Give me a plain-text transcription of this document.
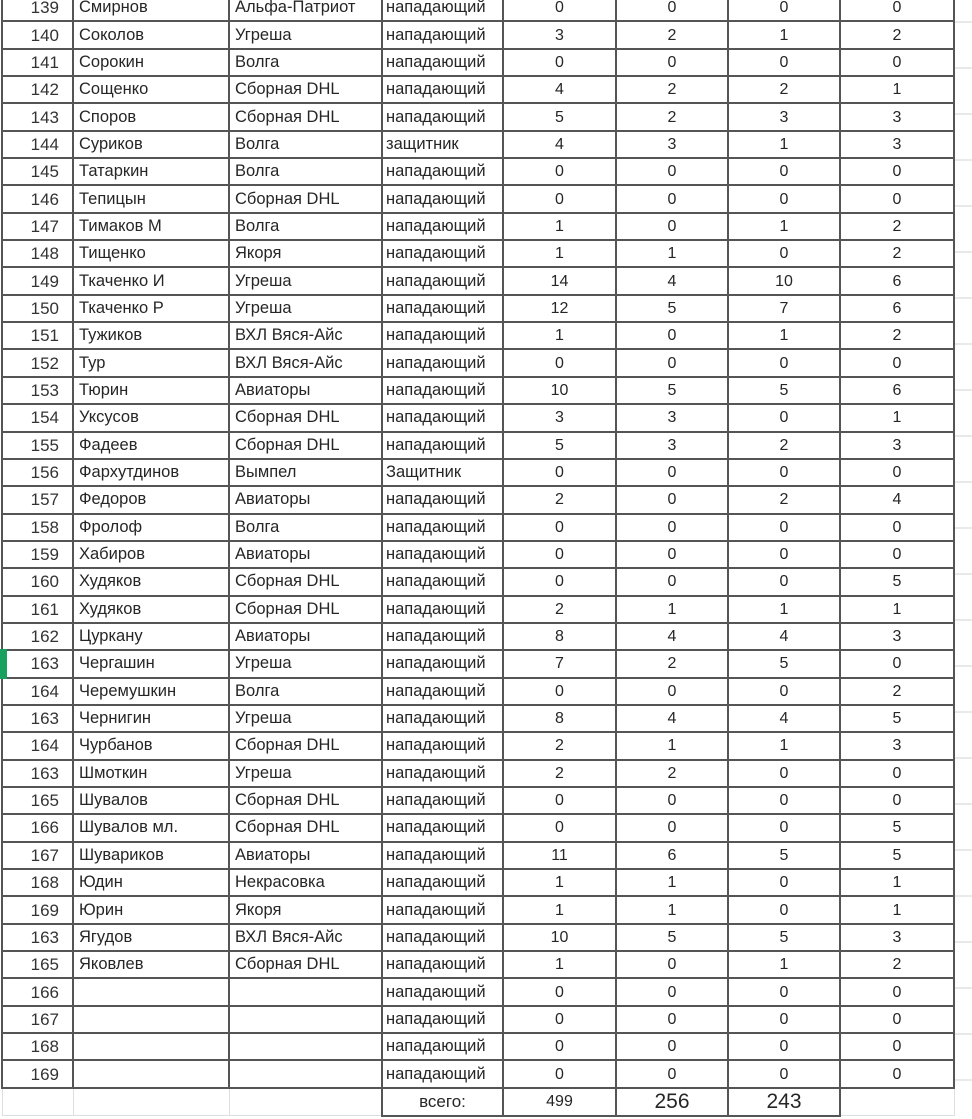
139	Смирнов	Альфа-Патриот	нападающий	0	0	0	0
140	Соколов	Угреша	нападающий	3	2	1	2
141	Сорокин	Волга	нападающий	0	0	0	0
142	Сощенко	Сборная DHL	нападающий	4	2	2	1
143	Споров	Сборная DHL	нападающий	5	2	3	3
144	Суриков	Волга	защитник	4	3	1	3
145	Татаркин	Волга	нападающий	0	0	0	0
146	Тепицын	Сборная DHL	нападающий	0	0	0	0
147	Тимаков М	Волга	нападающий	1	0	1	2
148	Тищенко	Якоря	нападающий	1	1	0	2
149	Ткаченко И	Угреша	нападающий	14	4	10	6
150	Ткаченко Р	Угреша	нападающий	12	5	7	6
151	Тужиков	ВХЛ Вяся-Айс	нападающий	1	0	1	2
152	Тур	ВХЛ Вяся-Айс	нападающий	0	0	0	0
153	Тюрин	Авиаторы	нападающий	10	5	5	6
154	Уксусов	Сборная DHL	нападающий	3	3	0	1
155	Фадеев	Сборная DHL	нападающий	5	3	2	3
156	Фархутдинов	Вымпел	Защитник	0	0	0	0
157	Федоров	Авиаторы	нападающий	2	0	2	4
158	Фролоф	Волга	нападающий	0	0	0	0
159	Хабиров	Авиаторы	нападающий	0	0	0	0
160	Худяков	Сборная DHL	нападающий	0	0	0	5
161	Худяков	Сборная DHL	нападающий	2	1	1	1
162	Цуркану	Авиаторы	нападающий	8	4	4	3
163	Чергашин	Угреша	нападающий	7	2	5	0
164	Черемушкин	Волга	нападающий	0	0	0	2
163	Чернигин	Угреша	нападающий	8	4	4	5
164	Чурбанов	Сборная DHL	нападающий	2	1	1	3
163	Шмоткин	Угреша	нападающий	2	2	0	0
165	Шувалов	Сборная DHL	нападающий	0	0	0	0
166	Шувалов мл.	Сборная DHL	нападающий	0	0	0	5
167	Шувариков	Авиаторы	нападающий	11	6	5	5
168	Юдин	Некрасовка	нападающий	1	1	0	1
169	Юрин	Якоря	нападающий	1	1	0	1
163	Ягудов	ВХЛ Вяся-Айс	нападающий	10	5	5	3
165	Яковлев	Сборная DHL	нападающий	1	0	1	2
166			нападающий	0	0	0	0
167			нападающий	0	0	0	0
168			нападающий	0	0	0	0
169			нападающий	0	0	0	0
			всего:	499	256	243	
